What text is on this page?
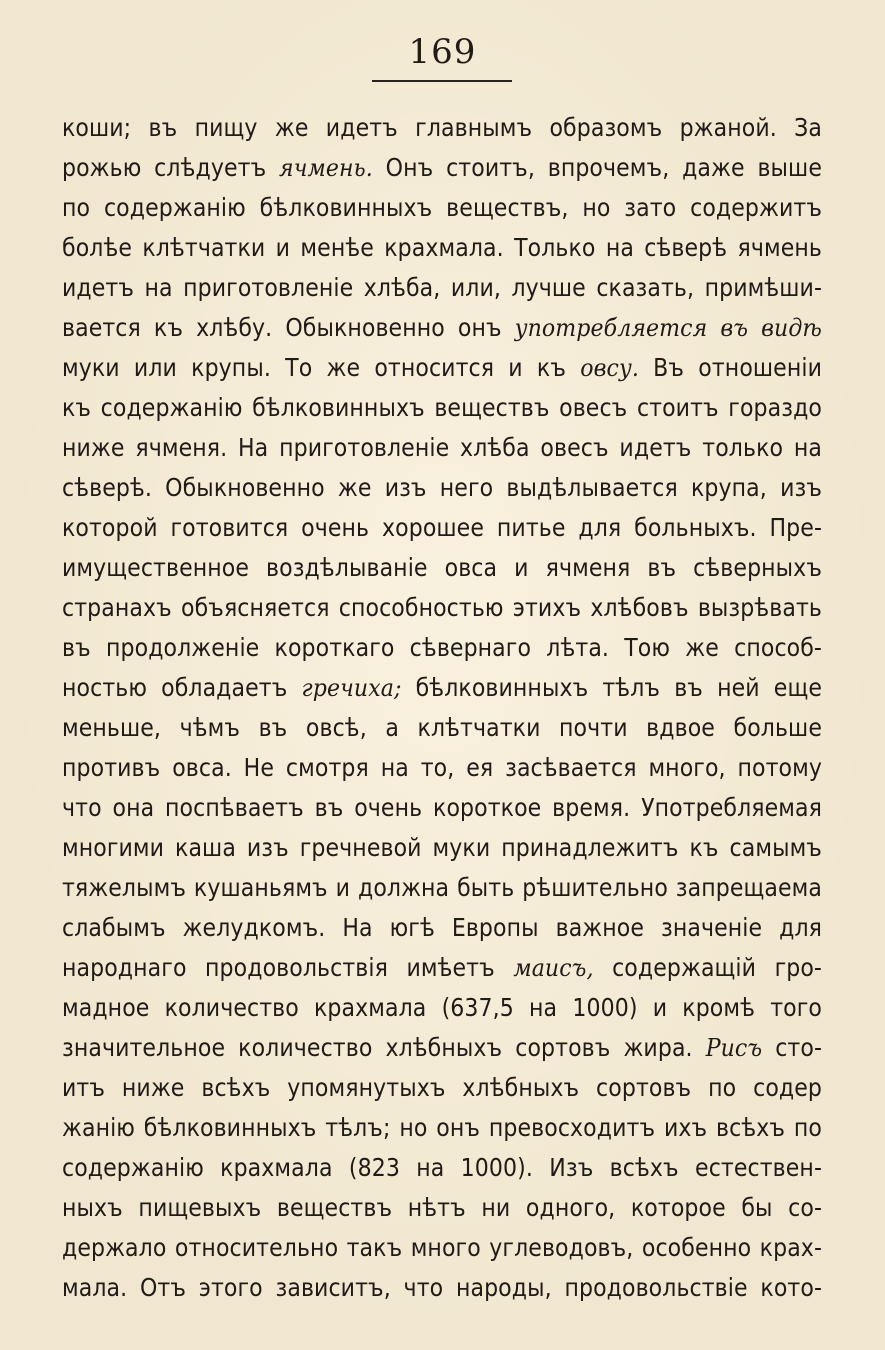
169
коши; въ пищу же идетъ главнымъ образомъ ржаной. За
рожью слѣдуетъ ячмень. Онъ стоитъ, впрочемъ, даже выше
по содержанію бѣлковинныхъ веществъ, но зато содержитъ
болѣе клѣтчатки и менѣе крахмала. Только на сѣверѣ ячмень
идетъ на приготовленіе хлѣба, или, лучше сказать, примѣши-
вается къ хлѣбу. Обыкновенно онъ употребляется въ видѣ
муки или крупы. То же относится и къ овсу. Въ отношеніи
къ содержанію бѣлковинныхъ веществъ овесъ стоитъ гораздо
ниже ячменя. На приготовленіе хлѣба овесъ идетъ только на
сѣверѣ. Обыкновенно же изъ него выдѣлывается крупа, изъ
которой готовится очень хорошее питье для больныхъ. Пре-
имущественное воздѣлываніе овса и ячменя въ сѣверныхъ
странахъ объясняется способностью этихъ хлѣбовъ вызрѣвать
въ продолженіе короткаго сѣвернаго лѣта. Тою же способ-
ностью обладаетъ гречиха; бѣлковинныхъ тѣлъ въ ней еще
меньше, чѣмъ въ овсѣ, а клѣтчатки почти вдвое больше
противъ овса. Не смотря на то, ея засѣвается много, потому
что она поспѣваетъ въ очень короткое время. Употребляемая
многими каша изъ гречневой муки принадлежитъ къ самымъ
тяжелымъ кушаньямъ и должна быть рѣшительно запрещаема
слабымъ желудкомъ. На югѣ Европы важное значеніе для
народнаго продовольствія имѣетъ маисъ, содержащій гро-
мадное количество крахмала (637,5 на 1000) и кромѣ того
значительное количество хлѣбныхъ сортовъ жира. Рисъ сто-
итъ ниже всѣхъ упомянутыхъ хлѣбныхъ сортовъ по содер
жанію бѣлковинныхъ тѣлъ; но онъ превосходитъ ихъ всѣхъ по
содержанію крахмала (823 на 1000). Изъ всѣхъ естествен-
ныхъ пищевыхъ веществъ нѣтъ ни одного, которое бы со-
держало относительно такъ много углеводовъ, особенно крах-
мала. Отъ этого зависитъ, что народы, продовольствіе кото-
